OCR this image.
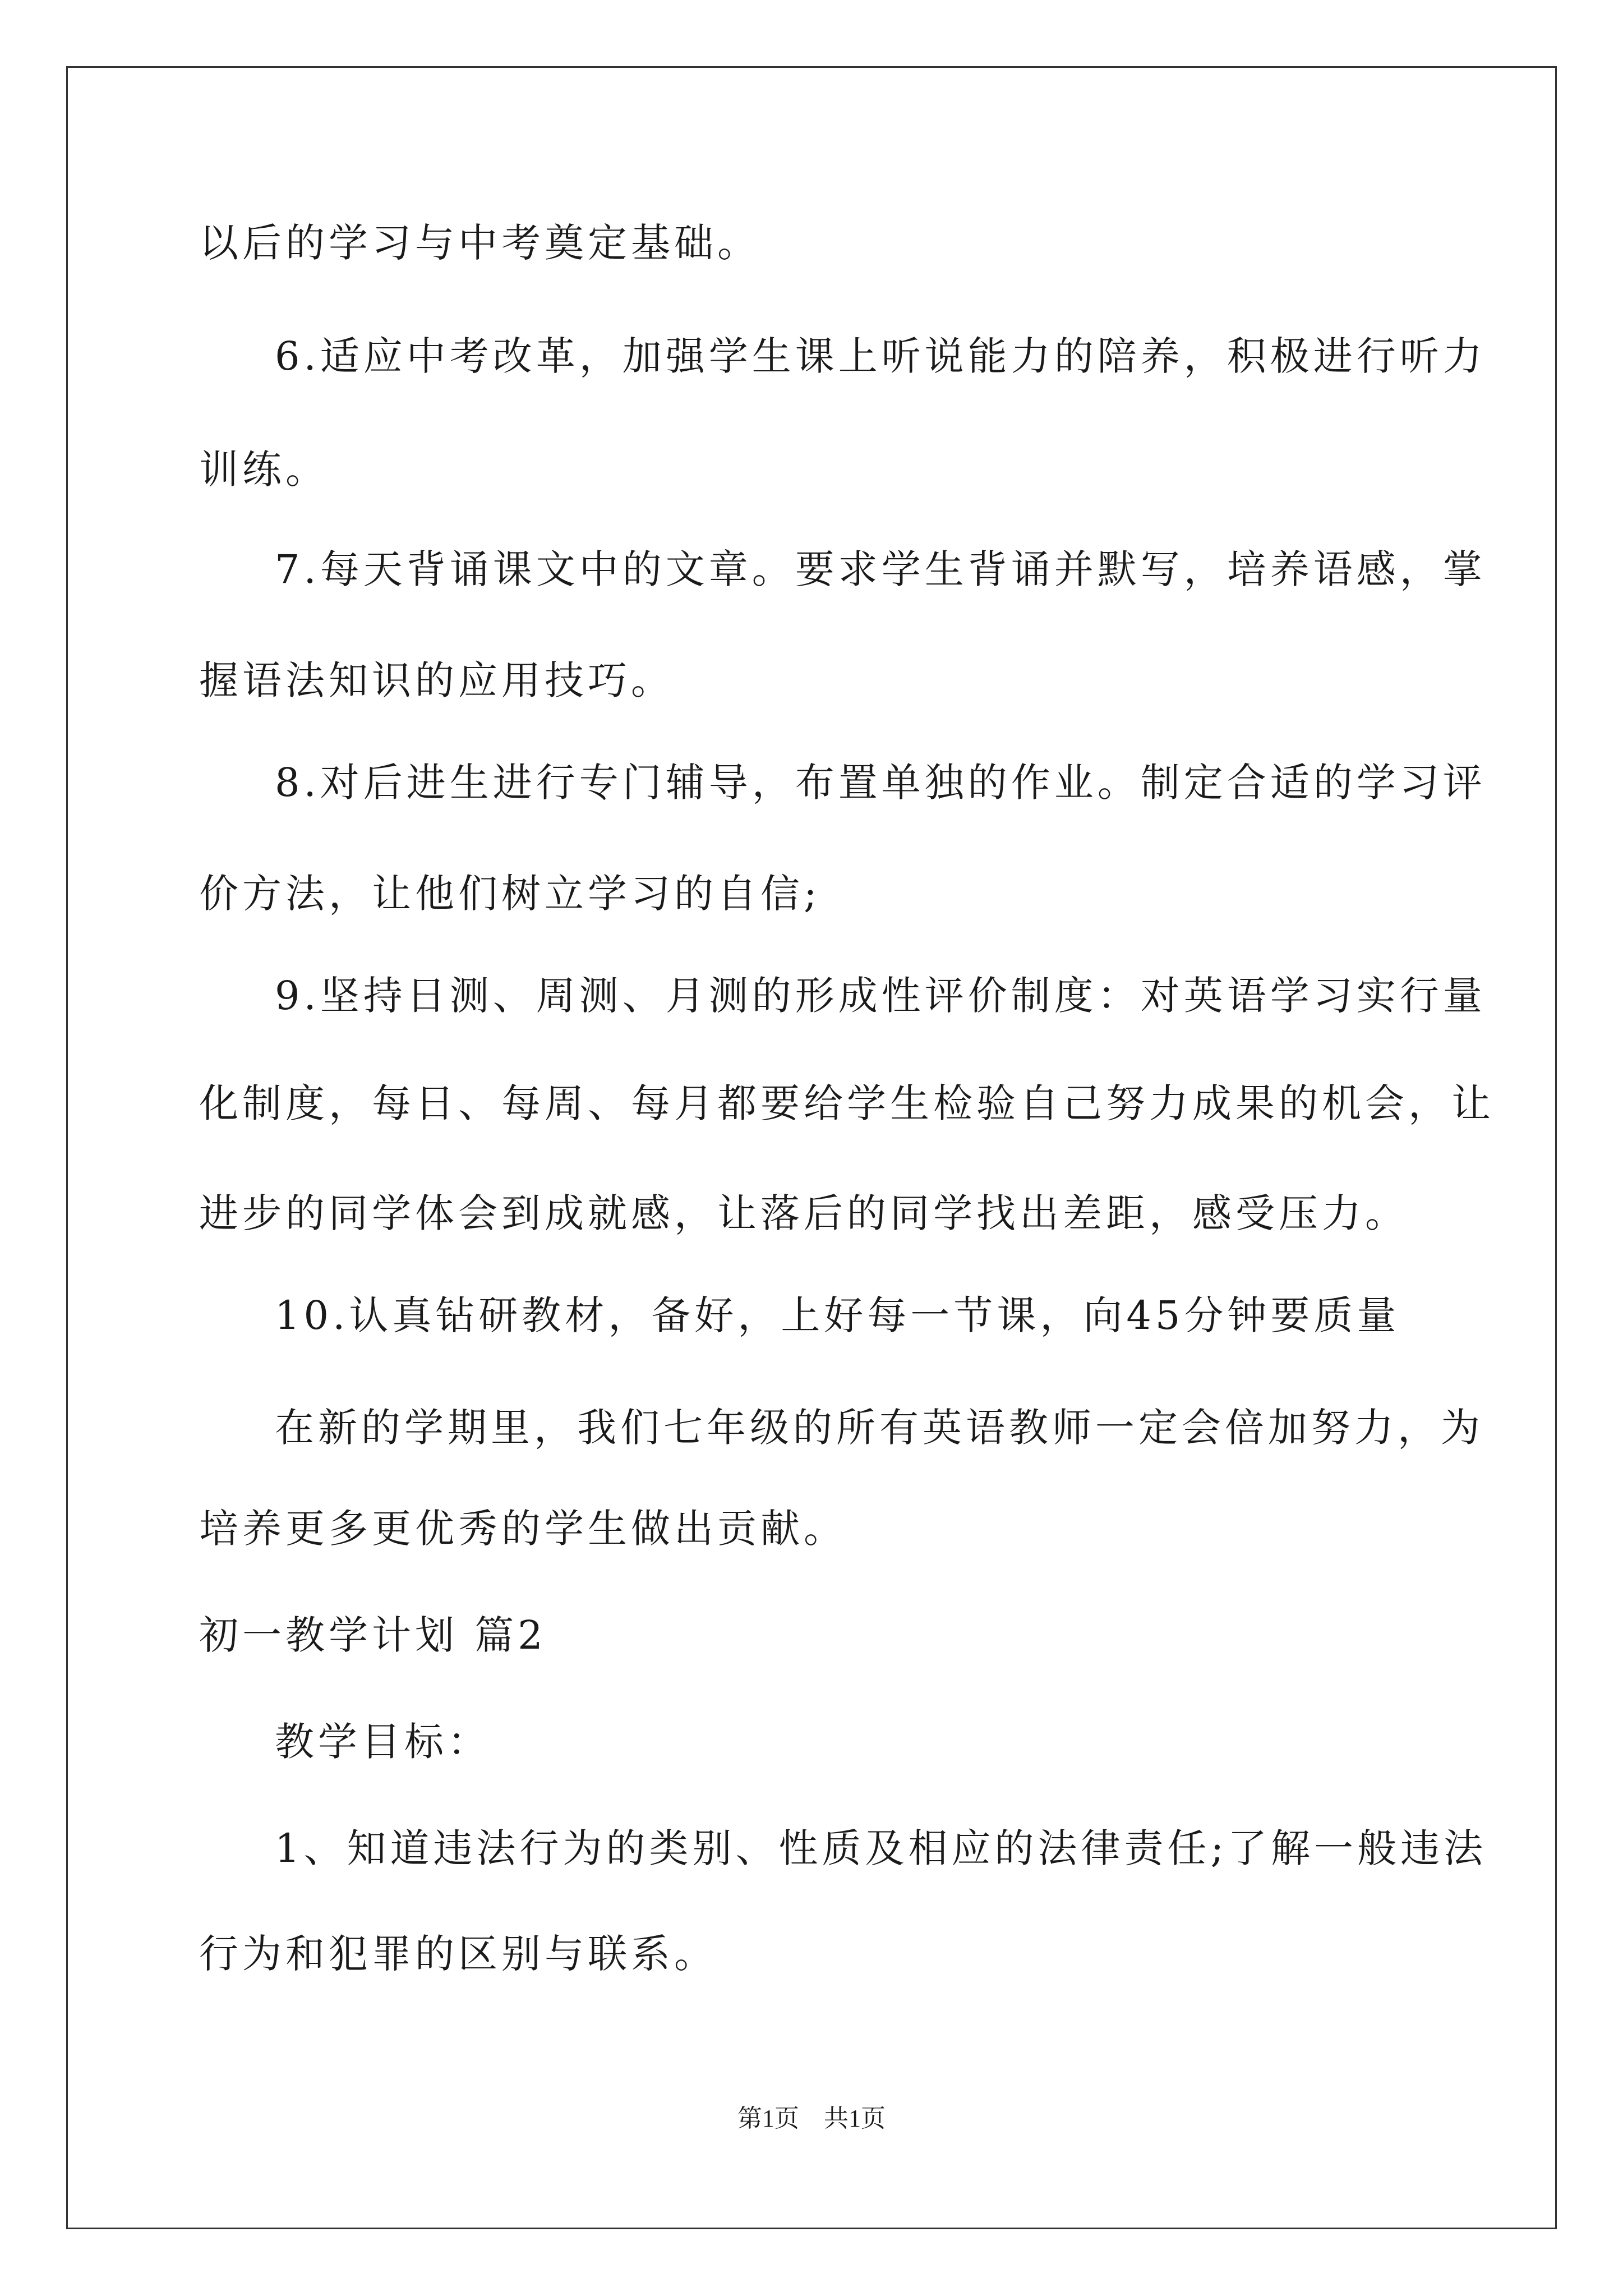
以后的学习与中考奠定基础。
6.适应中考改革，加强学生课上听说能力的陪养，积极进行听力
训练。
7.每天背诵课文中的文章。要求学生背诵并默写，培养语感，掌
握语法知识的应用技巧。
8.对后进生进行专门辅导，布置单独的作业。制定合适的学习评
价方法，让他们树立学习的自信;
9.坚持日测、周测、月测的形成性评价制度：对英语学习实行量
化制度，每日、每周、每月都要给学生检验自己努力成果的机会，让
进步的同学体会到成就感，让落后的同学找出差距，感受压力。
10.认真钻研教材，备好，上好每一节课，向45分钟要质量
在新的学期里，我们七年级的所有英语教师一定会倍加努力，为
培养更多更优秀的学生做出贡献。
初一教学计划 篇2
教学目标：
1、知道违法行为的类别、性质及相应的法律责任;了解一般违法
行为和犯罪的区别与联系。
第1页　共1页
